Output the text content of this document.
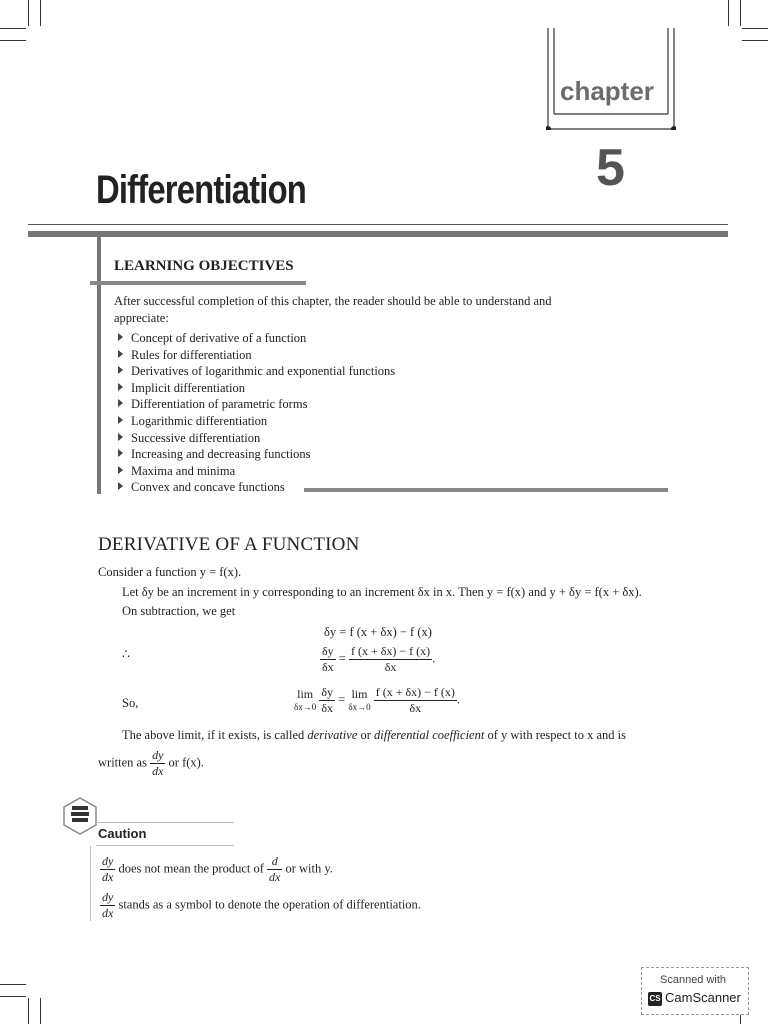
chapter
5
Differentiation
LEARNING OBJECTIVES
After successful completion of this chapter, the reader should be able to understand and
appreciate:
Concept of derivative of a function
Rules for differentiation
Derivatives of logarithmic and exponential functions
Implicit differentiation
Differentiation of parametric forms
Logarithmic differentiation
Successive differentiation
Increasing and decreasing functions
Maxima and minima
Convex and concave functions
DERIVATIVE OF A FUNCTION
Consider a function y = f(x).
Let δy be an increment in y corresponding to an increment δx in x. Then y = f(x) and y + δy = f(x + δx).
On subtraction, we get
δy = f (x + δx) − f (x)
∴	$\frac{\delta y}{\delta x} = \frac{f (x + \delta x) - f (x)}{\delta x}$ .
So,
lim
δx→0
$\frac{\delta y}{\delta x} = \lim$
δx→0
$\frac{f (x + \delta x) - f (x)}{\delta x}$ .
The above limit, if it exists, is called derivative or differential coefficient of y with respect to x and is
written as $\frac{dy}{dx}$ or f(x).
Caution
$\frac{dy}{dx}$ does not mean the product of $\frac{d}{dx}$ or with y.
$\frac{dy}{dx}$ stands as a symbol to denote the operation of differentiation.
Scanned with
CS CamScanner
